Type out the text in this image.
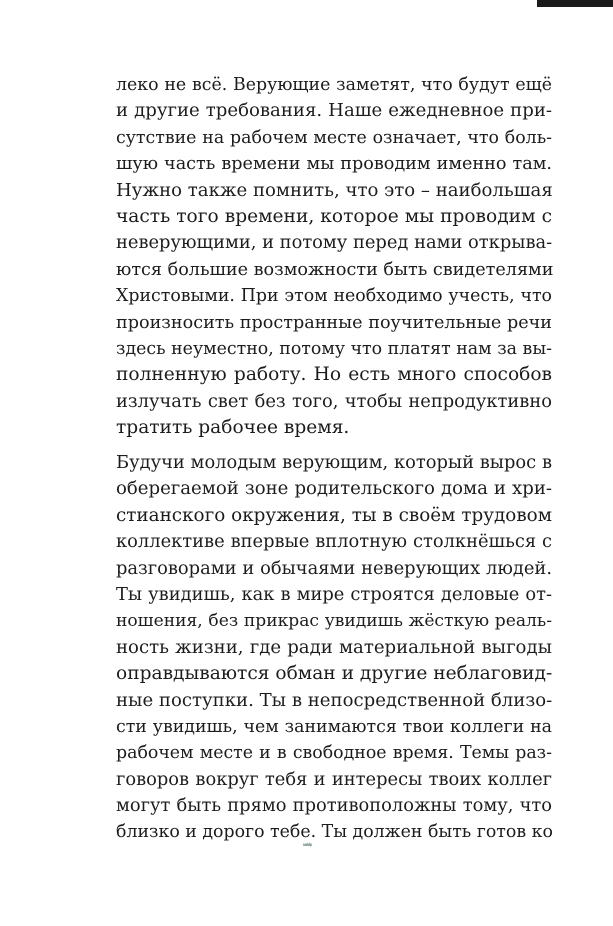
леко не всё. Верующие заметят, что будут ещё
и другие требования. Наше ежедневное при-
сутствие на рабочем месте означает, что боль-
шую часть времени мы проводим именно там.
Нужно также помнить, что это – наибольшая
часть того времени, которое мы проводим с
неверующими, и потому перед нами открыва-
ются большие возможности быть свидетелями
Христовыми. При этом необходимо учесть, что
произносить пространные поучительные речи
здесь неуместно, потому что платят нам за вы-
полненную работу. Но есть много способов
излучать свет без того, чтобы непродуктивно
тратить рабочее время.
Будучи молодым верующим, который вырос в
оберегаемой зоне родительского дома и хри-
стианского окружения, ты в своём трудовом
коллективе впервые вплотную столкнёшься с
разговорами и обычаями неверующих людей.
Ты увидишь, как в мире строятся деловые от-
ношения, без прикрас увидишь жёсткую реаль-
ность жизни, где ради материальной выгоды
оправдываются обман и другие неблаговид-
ные поступки. Ты в непосредственной близо-
сти увидишь, чем занимаются твои коллеги на
рабочем месте и в свободное время. Темы раз-
говоров вокруг тебя и интересы твоих коллег
могут быть прямо противоположны тому, что
близко и дорого тебе. Ты должен быть готов ко
www.samenkorn.shop
